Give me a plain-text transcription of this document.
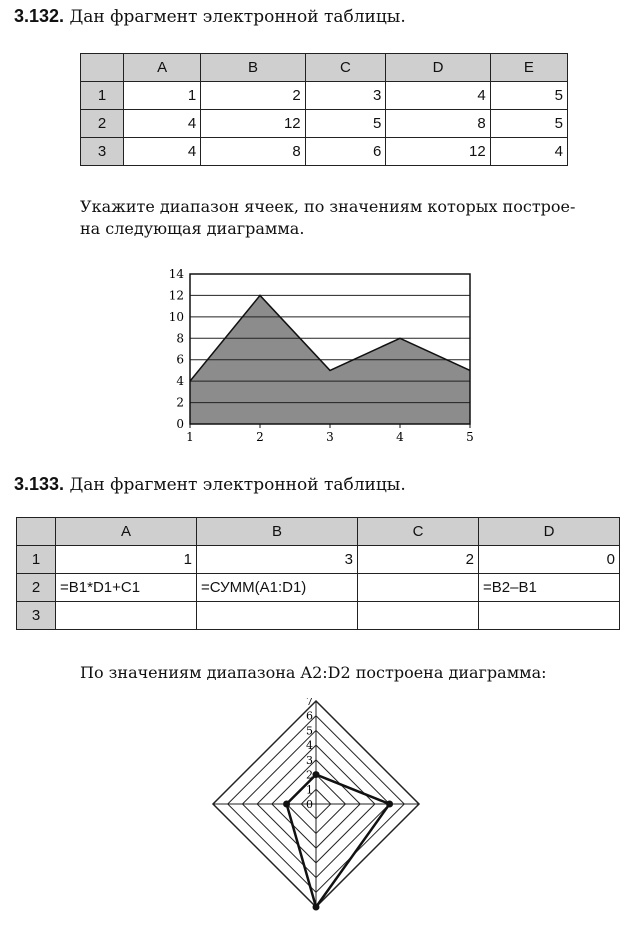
3.132. Дан фрагмент электронной таблицы.
	A	B	C	D	E
1	1	2	3	4	5
2	4	12	5	8	5
3	4	8	6	12	4
Укажите диапазон ячеек, по значениям которых построе-
на следующая диаграмма.
0
2
4
6
8
10
12
14
1	2	3	4	5
3.133. Дан фрагмент электронной таблицы.
	A	B	C	D
1	1	3	2	0
2	=B1*D1+C1	=СУММ(A1:D1)		=B2–B1
3				
По значениям диапазона A2:D2 построена диаграмма:
0
1
2
3
4
5
6
7
